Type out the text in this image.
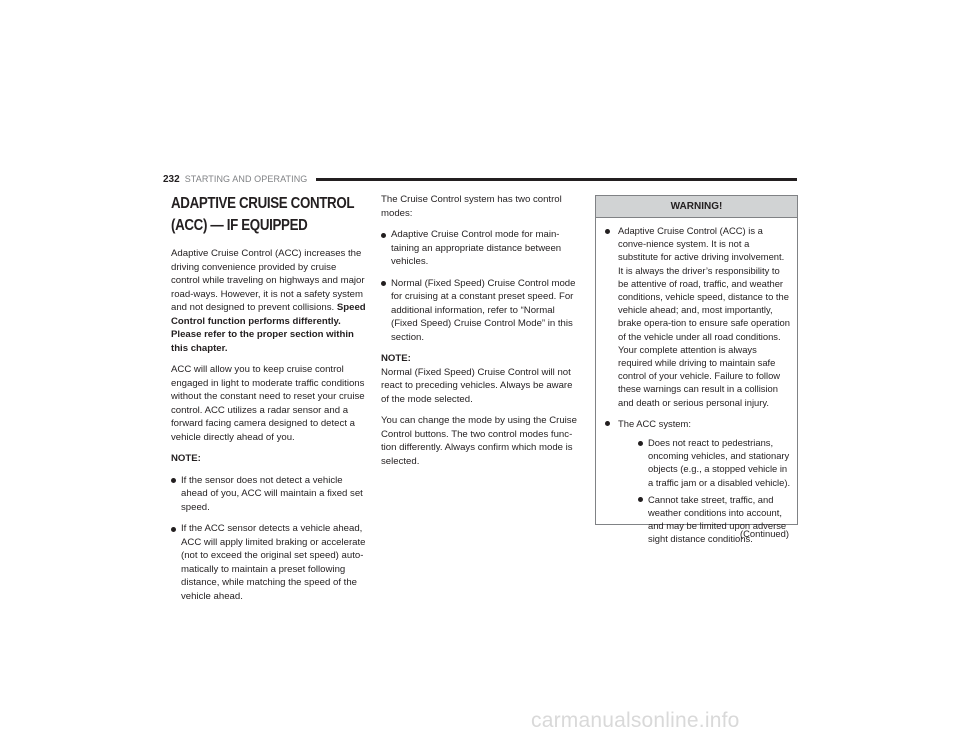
232 STARTING AND OPERATING
ADAPTIVE CRUISE CONTROL (ACC) — IF EQUIPPED

Adaptive Cruise Control (ACC) increases the driving convenience provided by cruise control while traveling on highways and major road-ways. However, it is not a safety system and not designed to prevent collisions. Speed Control function performs differently. Please refer to the proper section within this chapter.

ACC will allow you to keep cruise control engaged in light to moderate traffic conditions without the constant need to reset your cruise control. ACC utilizes a radar sensor and a forward facing camera designed to detect a vehicle directly ahead of you.

NOTE:

If the sensor does not detect a vehicle ahead of you, ACC will maintain a fixed set speed.
If the ACC sensor detects a vehicle ahead, ACC will apply limited braking or accelerate (not to exceed the original set speed) auto-matically to maintain a preset following distance, while matching the speed of the vehicle ahead.

The Cruise Control system has two control modes:

Adaptive Cruise Control mode for main-taining an appropriate distance between vehicles.
Normal (Fixed Speed) Cruise Control mode for cruising at a constant preset speed. For additional information, refer to “Normal (Fixed Speed) Cruise Control Mode” in this section.

NOTE:

Normal (Fixed Speed) Cruise Control will not react to preceding vehicles. Always be aware of the mode selected.

You can change the mode by using the Cruise Control buttons. The two control modes func-tion differently. Always confirm which mode is selected.

WARNING!
Adaptive Cruise Control (ACC) is a conve-nience system. It is not a substitute for active driving involvement. It is always the driver’s responsibility to be attentive of road, traffic, and weather conditions, vehicle speed, distance to the vehicle ahead; and, most importantly, brake opera-tion to ensure safe operation of the vehicle under all road conditions. Your complete attention is always required while driving to maintain safe control of your vehicle. Failure to follow these warnings can result in a collision and death or serious personal injury.
The ACC system:
Does not react to pedestrians, oncoming vehicles, and stationary objects (e.g., a stopped vehicle in a traffic jam or a disabled vehicle).
Cannot take street, traffic, and weather conditions into account, and may be limited upon adverse sight distance conditions.
(Continued)
carmanualsonline.info
